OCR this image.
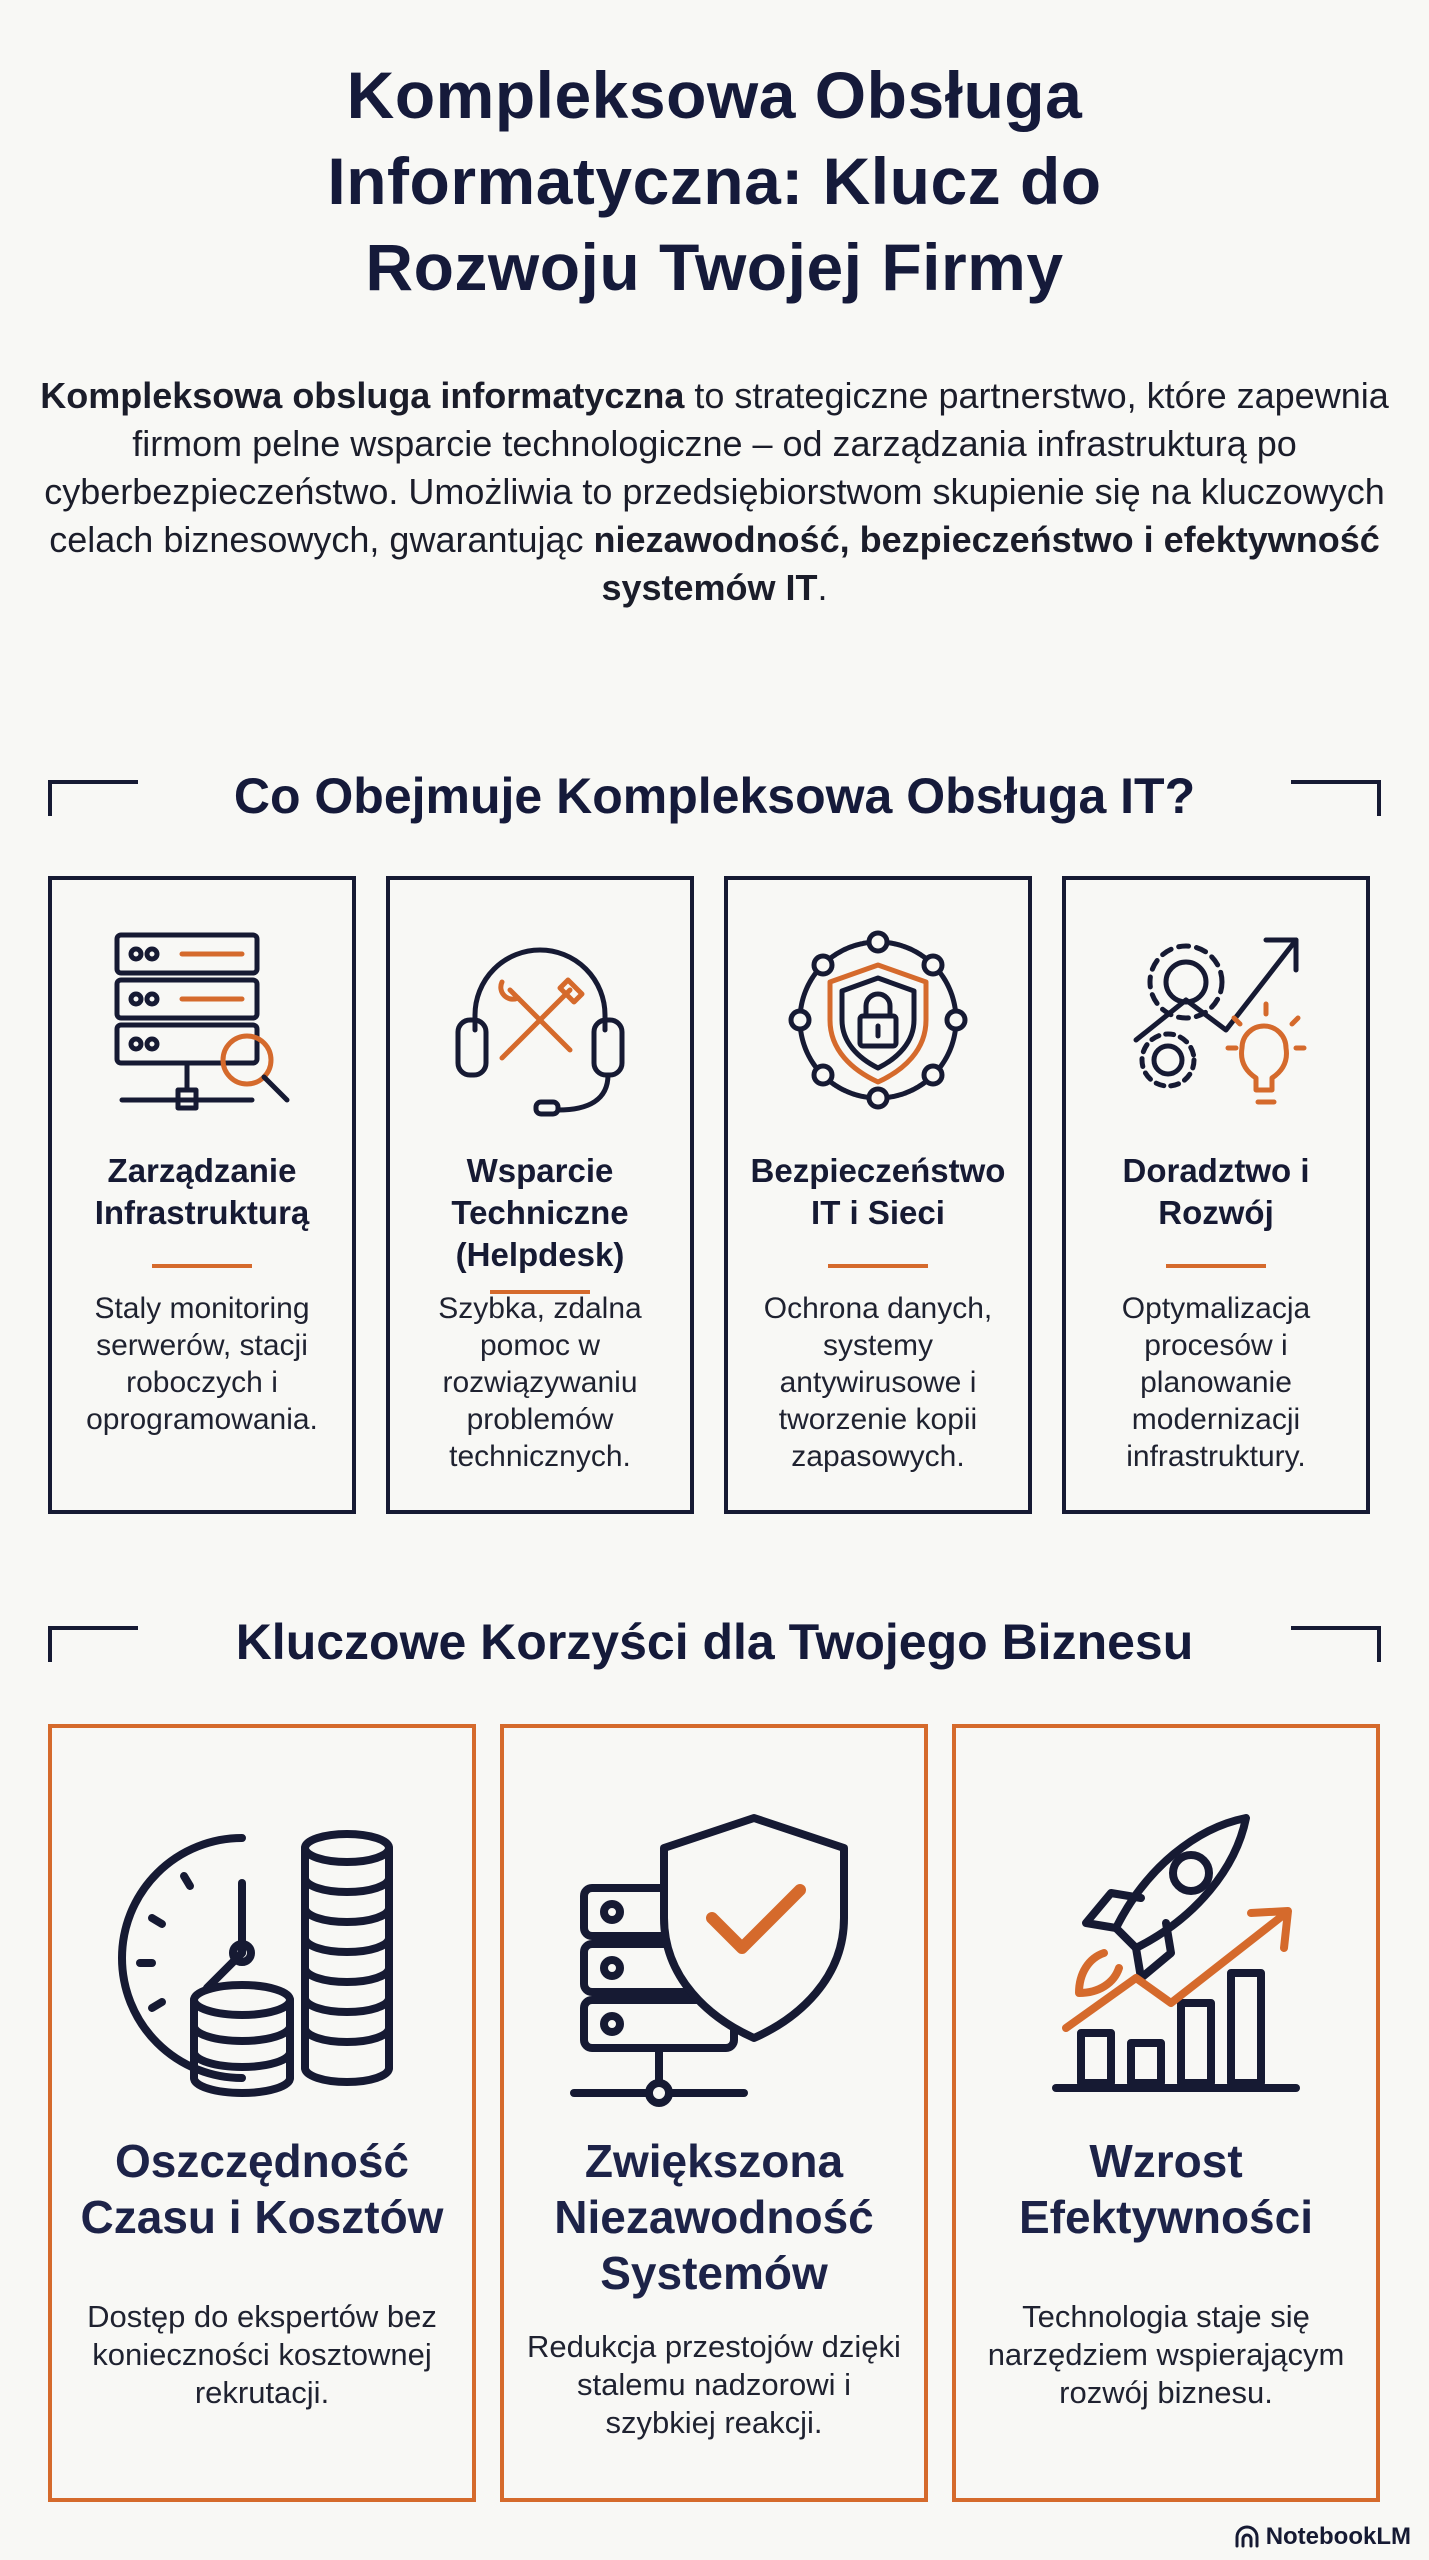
Kompleksowa Obsługa
Informatyczna: Klucz do
Rozwoju Twojej Firmy

Kompleksowa obsluga informatyczna to strategiczne partnerstwo, które zapewnia firmom pelne wsparcie technologiczne – od zarządzania infrastrukturą po cyberbezpieczeństwo. Umożliwia to przedsiębiorstwom skupienie się na kluczowych celach biznesowych, gwarantując niezawodność, bezpieczeństwo i efektywność systemów IT.

Co Obejmuje Kompleksowa Obsługa IT?
Zarządzanie Infrastrukturą
Staly monitoring serwerów, stacji roboczych i oprogramowania.
Wsparcie Techniczne (Helpdesk)
Szybka, zdalna pomoc w rozwiązywaniu problemów technicznych.
Bezpieczeństwo IT i Sieci
Ochrona danych, systemy antywirusowe i tworzenie kopii zapasowych.
Doradztwo i Rozwój
Optymalizacja procesów i planowanie modernizacji infrastruktury.
Kluczowe Korzyści dla Twojego Biznesu
Oszczędność Czasu i Kosztów
Dostęp do ekspertów bez konieczności kosztownej rekrutacji.
Zwiększona Niezawodność Systemów
Redukcja przestojów dzięki stalemu nadzorowi i szybkiej reakcji.
Wzrost Efektywności
Technologia staje się narzędziem wspierającym rozwój biznesu.
NotebookLM
